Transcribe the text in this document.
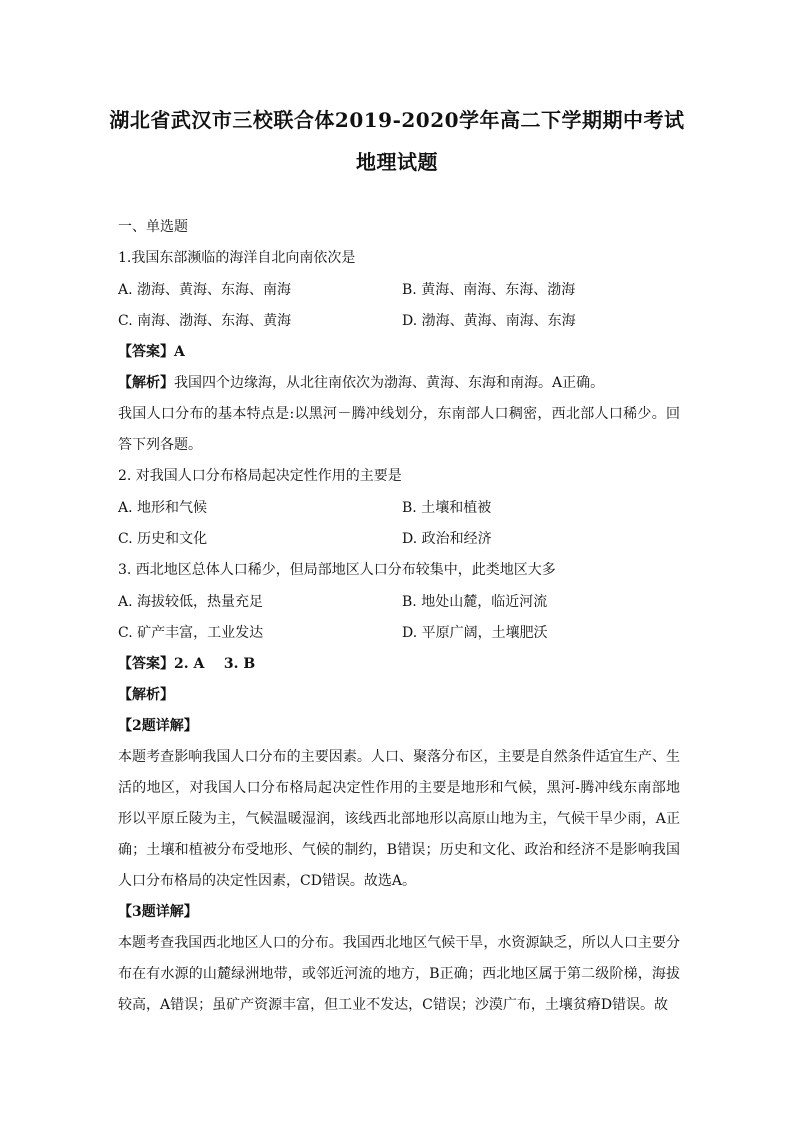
湖北省武汉市三校联合体2019-2020学年高二下学期期中考试
地理试题
一、单选题
1.我国东部濒临的海洋自北向南依次是
A. 渤海、黄海、东海、南海	B. 黄海、南海、东海、渤海
C. 南海、渤海、东海、黄海	D. 渤海、黄海、南海、东海
【答案】A
【解析】我国四个边缘海，从北往南依次为渤海、黄海、东海和南海。A正确。
我国人口分布的基本特点是:以黑河－腾冲线划分，东南部人口稠密，西北部人口稀少。回答下列各题。
2. 对我国人口分布格局起决定性作用的主要是
A. 地形和气候	B. 土壤和植被
C. 历史和文化	D. 政治和经济
3. 西北地区总体人口稀少，但局部地区人口分布较集中，此类地区大多
A. 海拔较低，热量充足	B. 地处山麓，临近河流
C. 矿产丰富，工业发达	D. 平原广阔，土壤肥沃
【答案】2. A    3. B
【解析】
【2题详解】
本题考查影响我国人口分布的主要因素。人口、聚落分布区，主要是自然条件适宜生产、生活的地区，对我国人口分布格局起决定性作用的主要是地形和气候，黑河-腾冲线东南部地形以平原丘陵为主，气候温暖湿润，该线西北部地形以高原山地为主，气候干旱少雨，A正确；土壤和植被分布受地形、气候的制约，B错误；历史和文化、政治和经济不是影响我国人口分布格局的决定性因素，CD错误。故选A。
【3题详解】
本题考查我国西北地区人口的分布。我国西北地区气候干旱，水资源缺乏，所以人口主要分布在有水源的山麓绿洲地带，或邻近河流的地方，B正确；西北地区属于第二级阶梯，海拔较高，A错误；虽矿产资源丰富，但工业不发达，C错误；沙漠广布，土壤贫瘠D错误。故
